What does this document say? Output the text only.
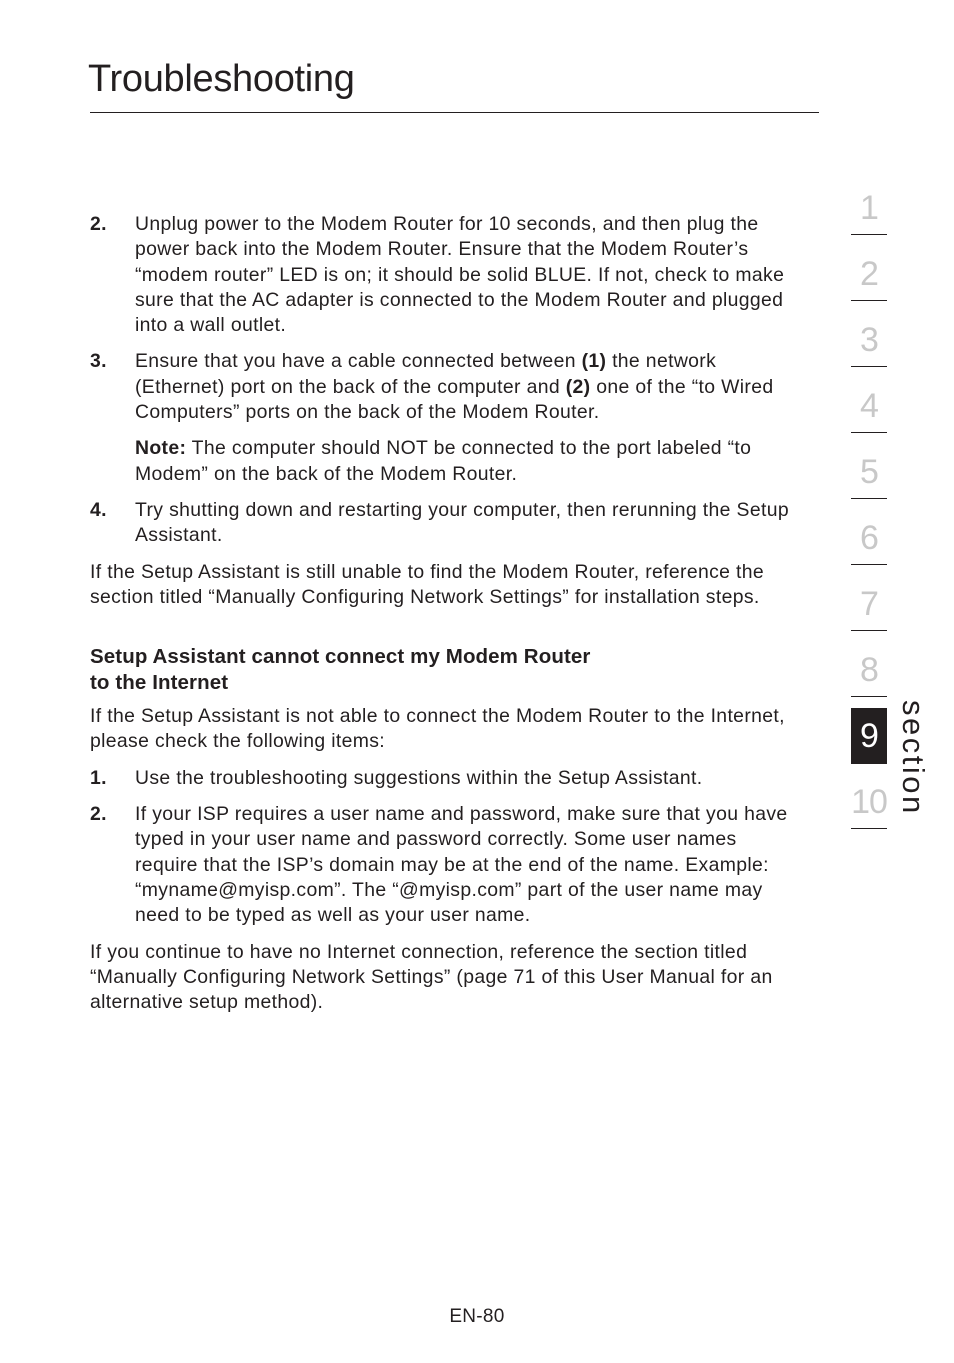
Troubleshooting
2.	Unplug power to the Modem Router for 10 seconds, and then plug the power back into the Modem Router. Ensure that the Modem Router’s “modem router” LED is on; it should be solid BLUE. If not, check to make sure that the AC adapter is connected to the Modem Router and plugged into a wall outlet.
3.	Ensure that you have a cable connected between (1) the network (Ethernet) port on the back of the computer and (2) one of the “to Wired Computers” ports on the back of the Modem Router.
Note: The computer should NOT be connected to the port labeled “to Modem” on the back of the Modem Router.
4.	Try shutting down and restarting your computer, then rerunning the Setup Assistant.

If the Setup Assistant is still unable to find the Modem Router, reference the section titled “Manually Configuring Network Settings” for installation steps.

Setup Assistant cannot connect my Modem Router
to the Internet

If the Setup Assistant is not able to connect the Modem Router to the Internet, please check the following items:

1.	Use the troubleshooting suggestions within the Setup Assistant.
2.	If your ISP requires a user name and password, make sure that you have typed in your user name and password correctly. Some user names require that the ISP’s domain may be at the end of the name. Example: “myname@myisp.com”. The “@myisp.com” part of the user name may need to be typed as well as your user name.

If you continue to have no Internet connection, reference the section titled “Manually Configuring Network Settings” (page 71 of this User Manual for an alternative setup method).

1
2
3
4
5
6
7
8
9
10 section
EN-80
